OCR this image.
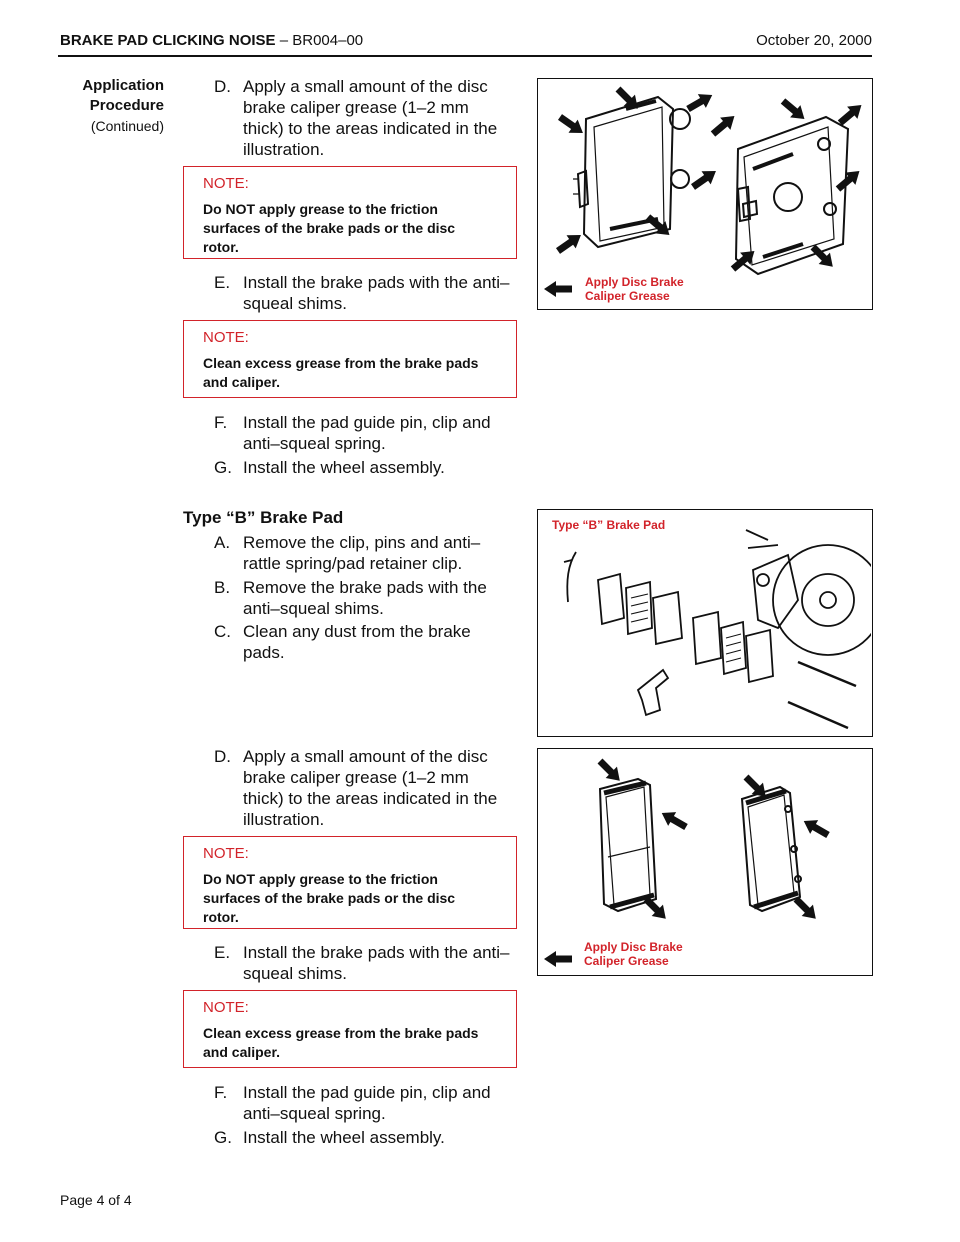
BRAKE PAD CLICKING NOISE – BR004–00	October 20, 2000
Application
Procedure
(Continued)
D. Apply a small amount of the disc brake caliper grease (1–2 mm thick) to the areas indicated in the illustration.
NOTE:
Do NOT apply grease to the friction surfaces of the brake pads or the disc rotor.
E. Install the brake pads with the anti–squeal shims.
NOTE:
Clean excess grease from the brake pads and caliper.
F. Install the pad guide pin, clip and anti–squeal spring.
G. Install the wheel assembly.
Type “B” Brake Pad
A. Remove the clip, pins and anti–rattle spring/pad retainer clip.
B. Remove the brake pads with the anti–squeal shims.
C. Clean any dust from the brake pads.
D. Apply a small amount of the disc brake caliper grease (1–2 mm thick) to the areas indicated in the illustration.
NOTE:
Do NOT apply grease to the friction surfaces of the brake pads or the disc rotor.
E. Install the brake pads with the anti–squeal shims.
NOTE:
Clean excess grease from the brake pads and caliper.
F. Install the pad guide pin, clip and anti–squeal spring.
G. Install the wheel assembly.
Apply Disc Brake
Caliper Grease
Type “B” Brake Pad
Apply Disc Brake
Caliper Grease
Page 4 of 4
